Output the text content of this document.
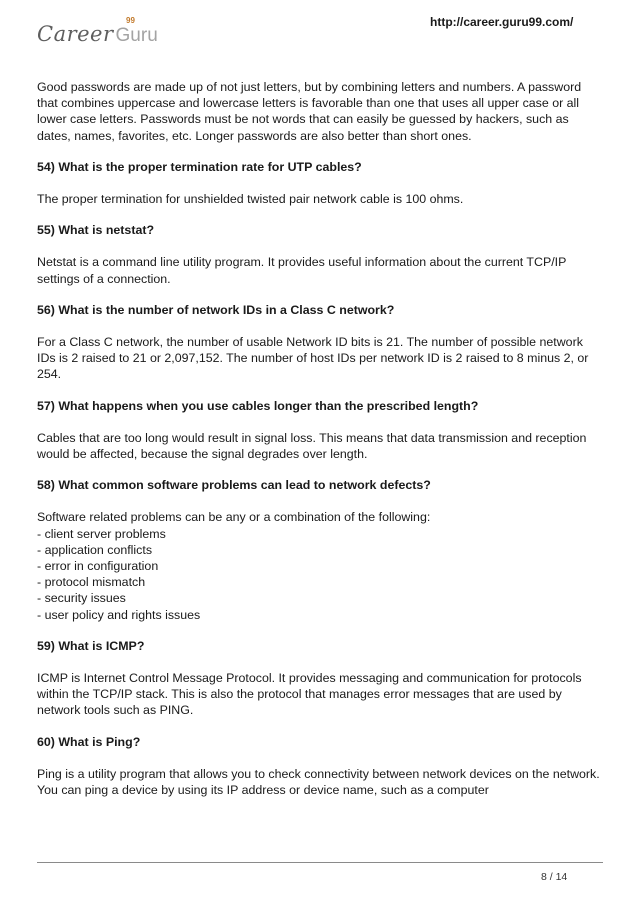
Career Guru
99	http://career.guru99.com/

Good passwords are made up of not just letters, but by combining letters and numbers. A password that combines uppercase and lowercase letters is favorable than one that uses all upper case or all lower case letters. Passwords must be not words that can easily be guessed by hackers, such as dates, names, favorites, etc. Longer passwords are also better than short ones.

54) What is the proper termination rate for UTP cables?

The proper termination for unshielded twisted pair network cable is 100 ohms.

55) What is netstat?

Netstat is a command line utility program. It provides useful information about the current TCP/IP settings of a connection.

56) What is the number of network IDs in a Class C network?

For a Class C network, the number of usable Network ID bits is 21. The number of possible network IDs is 2 raised to 21 or 2,097,152. The number of host IDs per network ID is 2 raised to 8 minus 2, or 254.

57) What happens when you use cables longer than the prescribed length?

Cables that are too long would result in signal loss. This means that data transmission and reception would be affected, because the signal degrades over length.

58) What common software problems can lead to network defects?

Software related problems can be any or a combination of the following:

- client server problems

- application conflicts

- error in configuration

- protocol mismatch

- security issues

- user policy and rights issues

59) What is ICMP?

ICMP is Internet Control Message Protocol. It provides messaging and communication for protocols within the TCP/IP stack. This is also the protocol that manages error messages that are used by network tools such as PING.

60) What is Ping?

Ping is a utility program that allows you to check connectivity between network devices on the network. You can ping a device by using its IP address or device name, such as a computer

8 / 14
